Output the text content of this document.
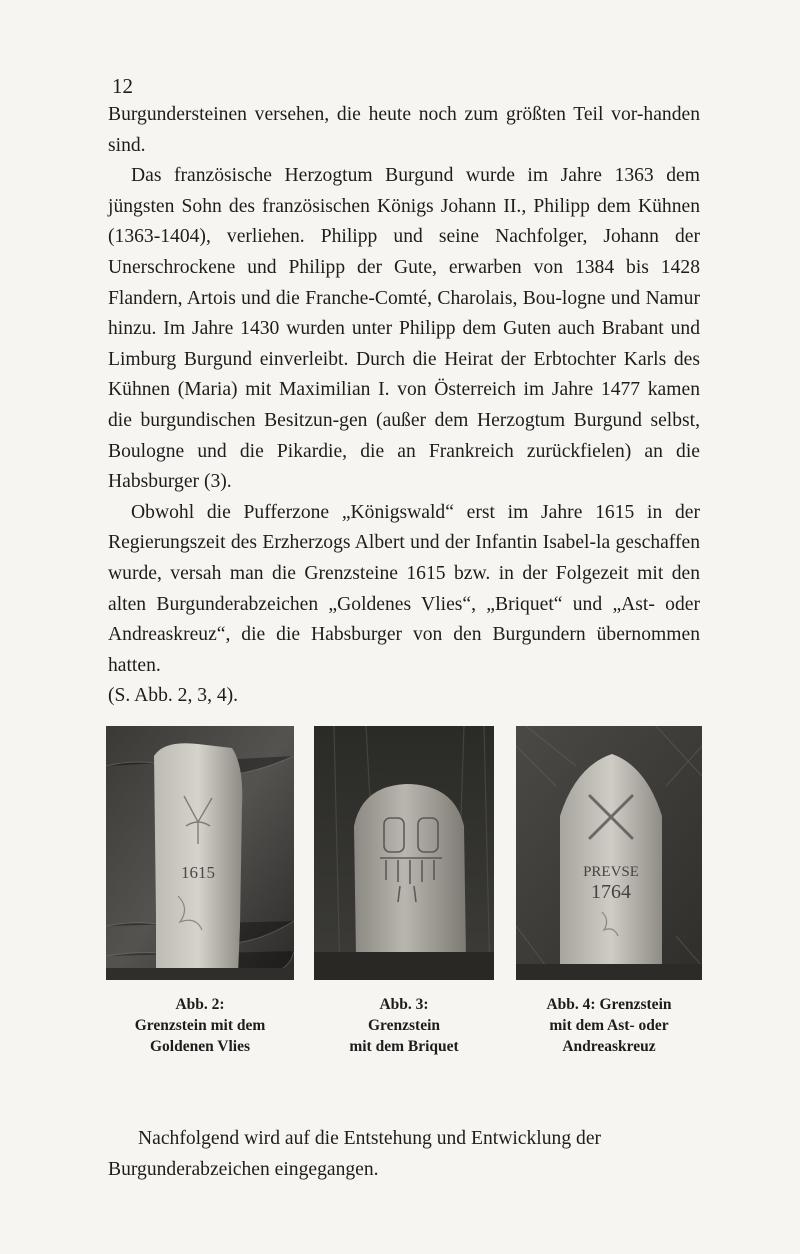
12

Burgundersteinen versehen, die heute noch zum größten Teil vor-handen sind.

Das französische Herzogtum Burgund wurde im Jahre 1363 dem jüngsten Sohn des französischen Königs Johann II., Philipp dem Kühnen (1363-1404), verliehen. Philipp und seine Nachfolger, Johann der Unerschrockene und Philipp der Gute, erwarben von 1384 bis 1428 Flandern, Artois und die Franche-Comté, Charolais, Bou-logne und Namur hinzu. Im Jahre 1430 wurden unter Philipp dem Guten auch Brabant und Limburg Burgund einverleibt. Durch die Heirat der Erbtochter Karls des Kühnen (Maria) mit Maximilian I. von Österreich im Jahre 1477 kamen die burgundischen Besitzun-gen (außer dem Herzogtum Burgund selbst, Boulogne und die Pikardie, die an Frankreich zurückfielen) an die Habsburger (3).

Obwohl die Pufferzone „Königswald“ erst im Jahre 1615 in der Regierungszeit des Erzherzogs Albert und der Infantin Isabel-la geschaffen wurde, versah man die Grenzsteine 1615 bzw. in der Folgezeit mit den alten Burgunderabzeichen „Goldenes Vlies“, „Briquet“ und „Ast- oder Andreaskreuz“, die die Habsburger von den Burgundern übernommen hatten.

(S. Abb. 2, 3, 4).

1615
Abb. 2:
Grenzstein mit dem
Goldenen Vlies
Abb. 3:
Grenzstein
mit dem Briquet
PREVSE
1764
Abb. 4: Grenzstein
mit dem Ast- oder
Andreaskreuz

Nachfolgend wird auf die Entstehung und Entwicklung der Burgunderabzeichen eingegangen.
